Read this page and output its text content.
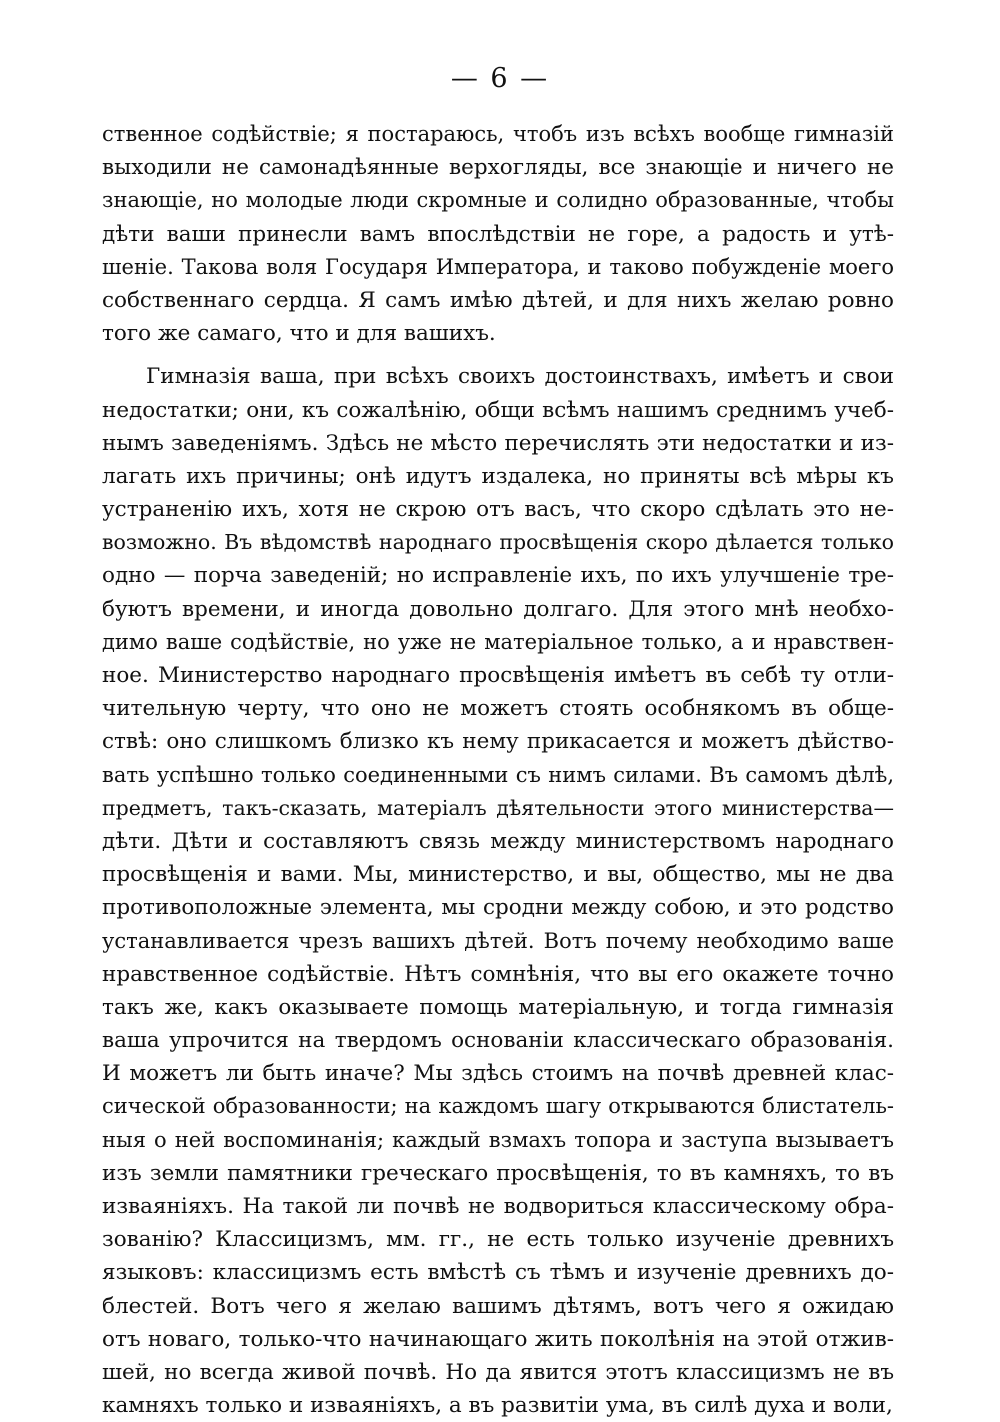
— 6 —
ственное содѣйствіе; я постараюсь, чтобъ изъ всѣхъ вообще гимназій
выходили не самонадѣянные верхогляды, все знающіе и ничего не
знающіе, но молодые люди скромные и солидно образованные, чтобы
дѣти ваши принесли вамъ впослѣдствіи не горе, а радость и утѣ-
шеніе. Такова воля Государя Императора, и таково побужденіе моего
собственнаго сердца. Я самъ имѣю дѣтей, и для нихъ желаю ровно
того же самаго, что и для вашихъ.
Гимназія ваша, при всѣхъ своихъ достоинствахъ, имѣетъ и свои
недостатки; они, къ сожалѣнію, общи всѣмъ нашимъ среднимъ учеб-
нымъ заведеніямъ. Здѣсь не мѣсто перечислять эти недостатки и из-
лагать ихъ причины; онѣ идутъ издалека, но приняты всѣ мѣры къ
устраненію ихъ, хотя не скрою отъ васъ, что скоро сдѣлать это не-
возможно. Въ вѣдомствѣ народнаго просвѣщенія скоро дѣлается только
одно — порча заведеній; но исправленіе ихъ, по ихъ улучшеніе тре-
буютъ времени, и иногда довольно долгаго. Для этого мнѣ необхо-
димо ваше содѣйствіе, но уже не матеріальное только, а и нравствен-
ное. Министерство народнаго просвѣщенія имѣетъ въ себѣ ту отли-
чительную черту, что оно не можетъ стоять особнякомъ въ обще-
ствѣ: оно слишкомъ близко къ нему прикасается и можетъ дѣйство-
вать успѣшно только соединенными съ нимъ силами. Въ самомъ дѣлѣ,
предметъ, такъ-сказать, матеріалъ дѣятельности этого министерства—
дѣти. Дѣти и составляютъ связь между министерствомъ народнаго
просвѣщенія и вами. Мы, министерство, и вы, общество, мы не два
противоположные элемента, мы сродни между собою, и это родство
устанавливается чрезъ вашихъ дѣтей. Вотъ почему необходимо ваше
нравственное содѣйствіе. Нѣтъ сомнѣнія, что вы его окажете точно
такъ же, какъ оказываете помощь матеріальную, и тогда гимназія
ваша упрочится на твердомъ основаніи классическаго образованія.
И можетъ ли быть иначе? Мы здѣсь стоимъ на почвѣ древней клас-
сической образованности; на каждомъ шагу открываются блистатель-
ныя о ней воспоминанія; каждый взмахъ топора и заступа вызываетъ
изъ земли памятники греческаго просвѣщенія, то въ камняхъ, то въ
изваяніяхъ. На такой ли почвѣ не водвориться классическому обра-
зованію? Классицизмъ, мм. гг., не есть только изученіе древнихъ
языковъ: классицизмъ есть вмѣстѣ съ тѣмъ и изученіе древнихъ до-
блестей. Вотъ чего я желаю вашимъ дѣтямъ, вотъ чего я ожидаю
отъ новаго, только-что начинающаго жить поколѣнія на этой отжив-
шей, но всегда живой почвѣ. Но да явится этотъ классицизмъ не въ
камняхъ только и изваяніяхъ, а въ развитіи ума, въ силѣ духа и воли,
